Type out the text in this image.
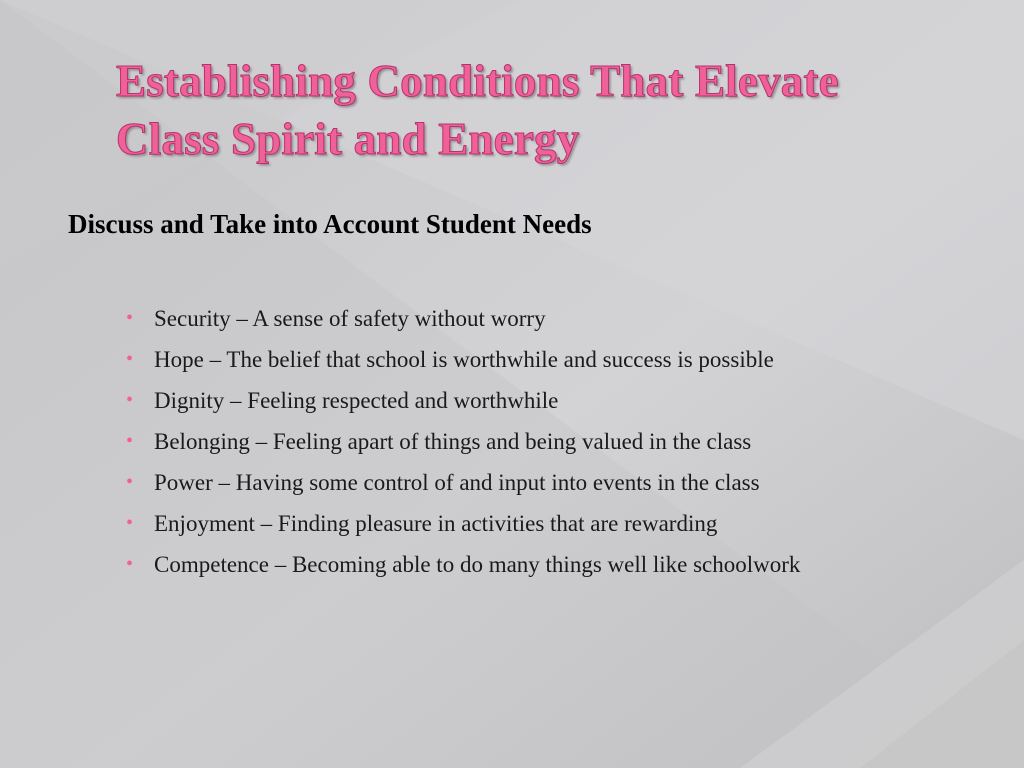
Establishing Conditions That Elevate
Class Spirit and Energy
Discuss and Take into Account Student Needs
• Security – A sense of safety without worry
• Hope – The belief that school is worthwhile and success is possible
• Dignity – Feeling respected and worthwhile
• Belonging – Feeling apart of things and being valued in the class
• Power – Having some control of and input into events in the class
• Enjoyment – Finding pleasure in activities that are rewarding
• Competence – Becoming able to do many things well like schoolwork
